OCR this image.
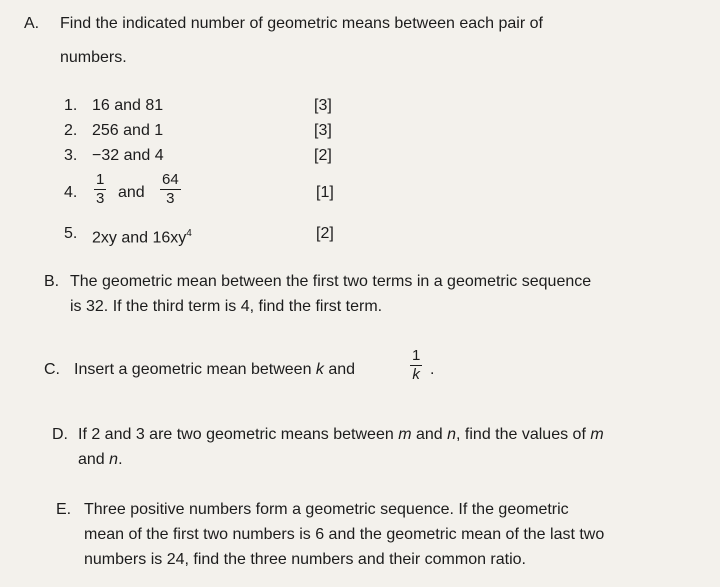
A. Find the indicated number of geometric means between each pair of
numbers.
1. 16 and 81	[3]
2. 256 and 1	[3]
3. −32 and 4	[2]
4.
1
3 and
64
3	[1]
5. 2xy and $16xy^4$	[2]
B. The geometric mean between the first two terms in a geometric sequence
is 32. If the third term is 4, find the first term.
C. Insert a geometric mean between k and
1
k .
D. If 2 and 3 are two geometric means between m and n, find the values of m
and n.
E. Three positive numbers form a geometric sequence. If the geometric
mean of the first two numbers is 6 and the geometric mean of the last two
numbers is 24, find the three numbers and their common ratio.
